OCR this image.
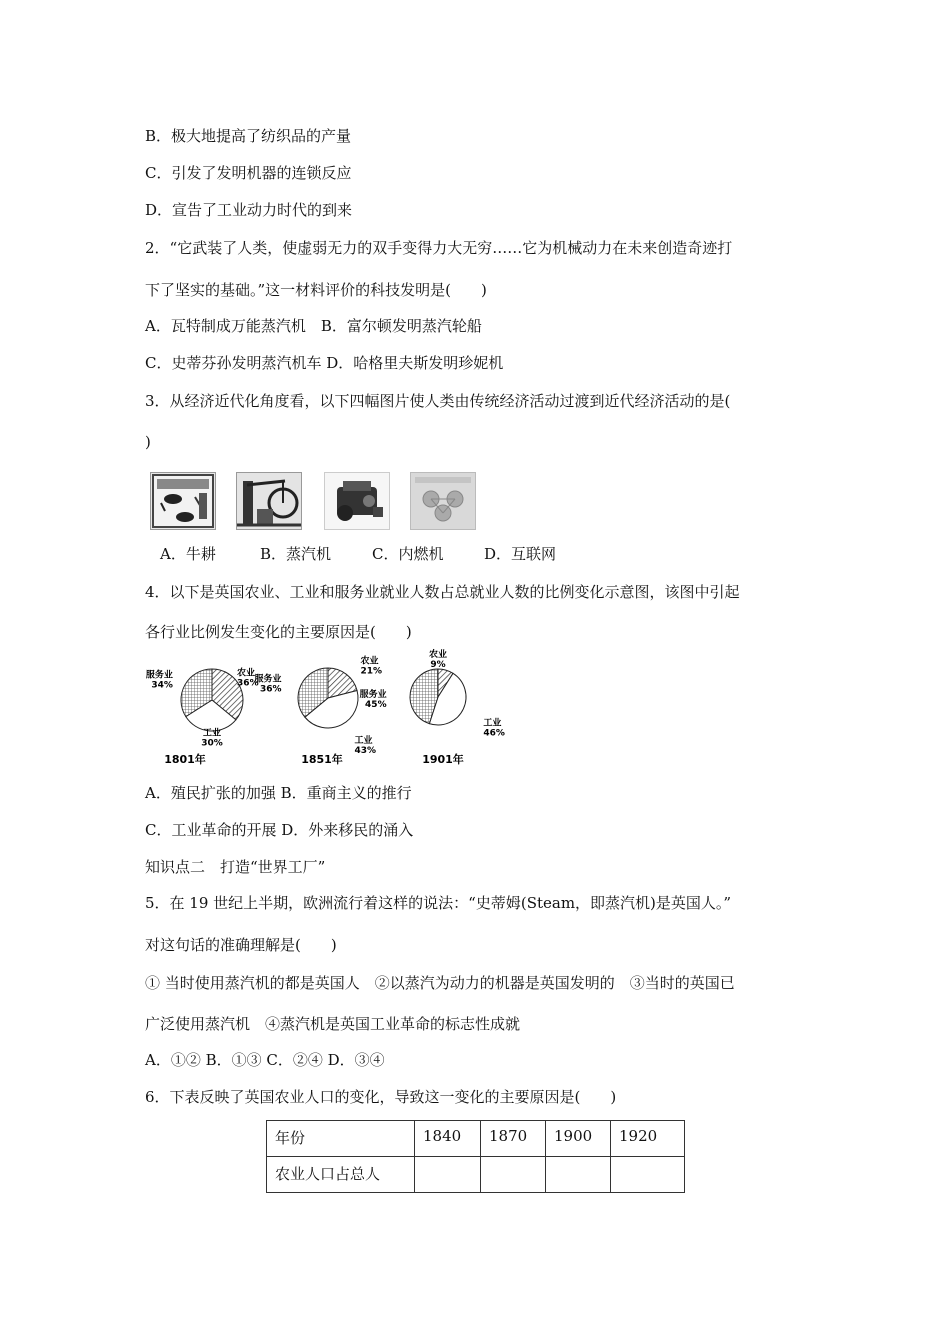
B．极大地提高了纺织品的产量
C．引发了发明机器的连锁反应
D．宣告了工业动力时代的到来
2．“它武装了人类，使虚弱无力的双手变得力大无穷……它为机械动力在未来创造奇迹打
下了坚实的基础。”这一材料评价的科技发明是(　　)
A．瓦特制成万能蒸汽机　B．富尔顿发明蒸汽轮船
C．史蒂芬孙发明蒸汽机车 D．哈格里夫斯发明珍妮机
3．从经济近代化角度看，以下四幅图片使人类由传统经济活动过渡到近代经济活动的是(
)
A．牛耕	B．蒸汽机	C．内燃机	D．互联网
4．以下是英国农业、工业和服务业就业人数占总就业人数的比例变化示意图，该图中引起
各行业比例发生变化的主要原因是(　　)
农业
36%
工业
30%
服务业
34%
1801年
农业
21%
工业
43%
服务业
36%
1851年
农业
9%
工业
46%
服务业
45%
1901年
A．殖民扩张的加强 B．重商主义的推行
C．工业革命的开展 D．外来移民的涌入
知识点二　打造“世界工厂”
5．在 19 世纪上半期，欧洲流行着这样的说法：“史蒂姆(Steam，即蒸汽机)是英国人。”
对这句话的准确理解是(　　)
① 当时使用蒸汽机的都是英国人　②以蒸汽为动力的机器是英国发明的　③当时的英国已
广泛使用蒸汽机　④蒸汽机是英国工业革命的标志性成就
A．①② B．①③ C．②④ D．③④
6．下表反映了英国农业人口的变化，导致这一变化的主要原因是(　　)
年份	1840	1870	1900	1920
农业人口占总人				
